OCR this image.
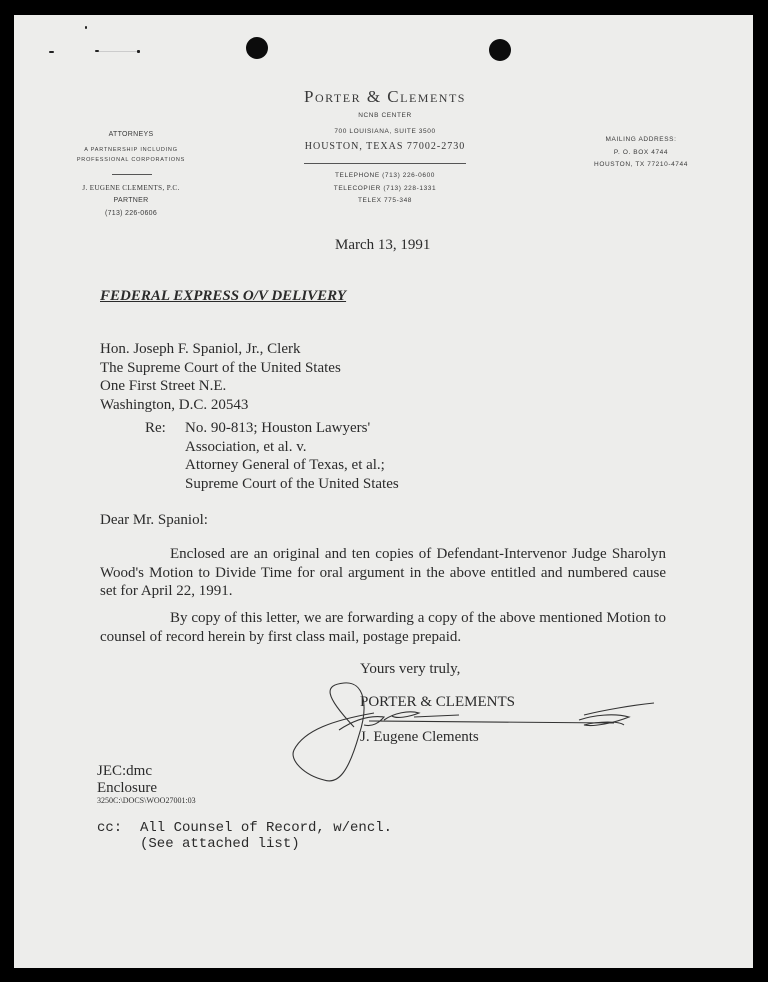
Porter & Clements
NCNB CENTER
700 LOUISIANA, SUITE 3500
HOUSTON, TEXAS 77002-2730
TELEPHONE (713) 226-0600
TELECOPIER (713) 228-1331
TELEX 775-348
ATTORNEYS
A PARTNERSHIP INCLUDING
PROFESSIONAL CORPORATIONS
J. EUGENE CLEMENTS, P.C.
PARTNER
(713) 226-0606
MAILING ADDRESS:
P. O. BOX 4744
HOUSTON, TX 77210-4744
March 13, 1991
FEDERAL EXPRESS O/V DELIVERY
Hon. Joseph F. Spaniol, Jr., Clerk
The Supreme Court of the United States
One First Street N.E.
Washington, D.C. 20543
Re: No. 90-813; Houston Lawyers'
Association, et al. v.
Attorney General of Texas, et al.;
Supreme Court of the United States
Dear Mr. Spaniol:
Enclosed are an original and ten copies of Defendant-Intervenor Judge Sharolyn Wood's Motion to Divide Time for oral argument in the above entitled and numbered cause set for April 22, 1991.
By copy of this letter, we are forwarding a copy of the above mentioned Motion to counsel of record herein by first class mail, postage prepaid.
Yours very truly,
PORTER & CLEMENTS
J. Eugene Clements
JEC:dmc
Enclosure
3250C:\DOCS\WOO27001:03
cc: All Counsel of Record, w/encl.
(See attached list)
